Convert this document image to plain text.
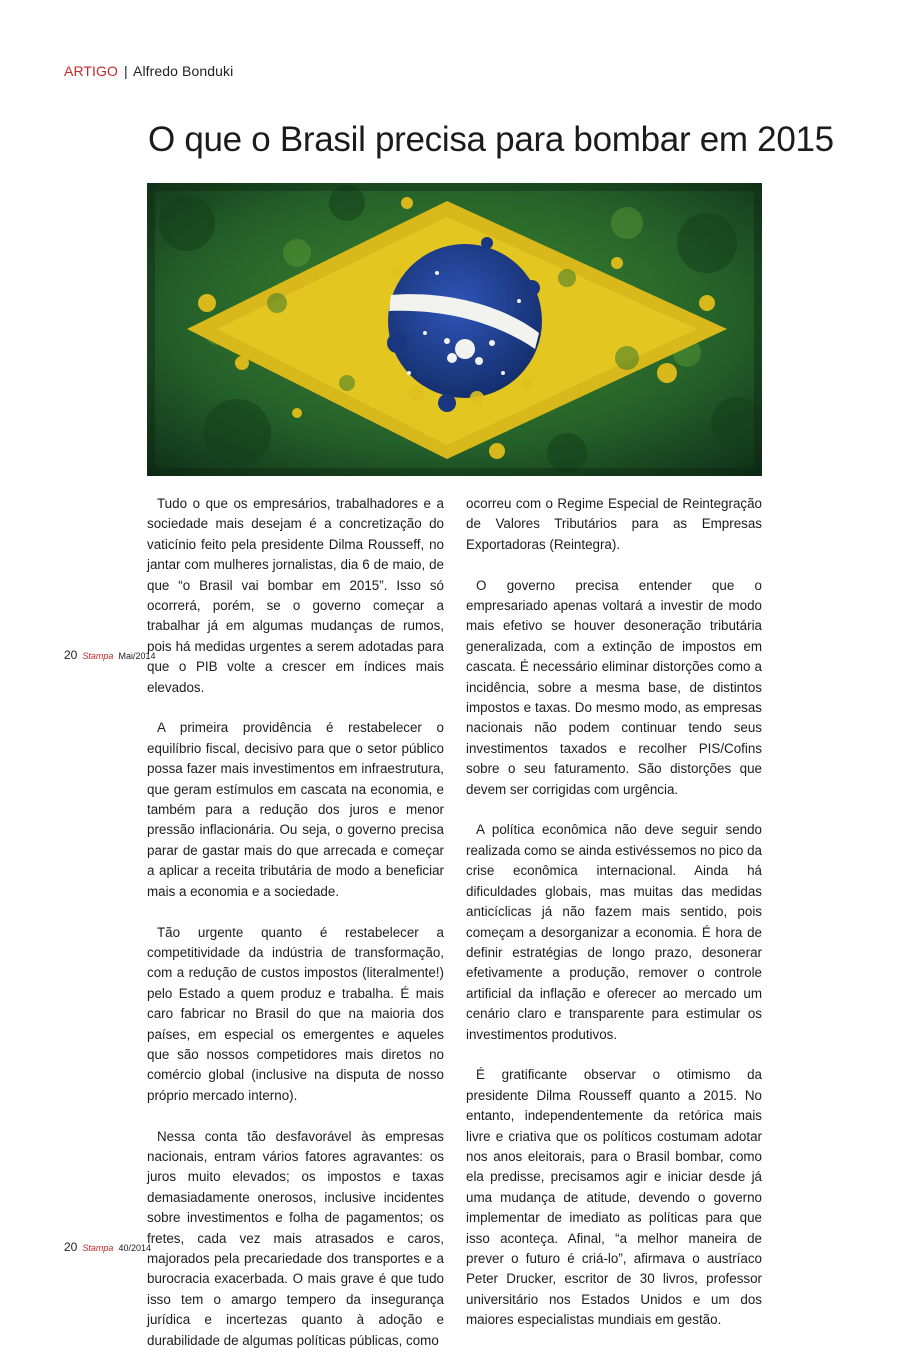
ARTIGO | Alfredo Bonduki
O que o Brasil precisa para bombar em 2015
20 Stampa Mai/2014

Tudo o que os empresários, trabalhadores e a sociedade mais desejam é a concretização do vaticínio feito pela presidente Dilma Rousseff, no jantar com mulheres jornalistas, dia 6 de maio, de que “o Brasil vai bombar em 2015”. Isso só ocorrerá, porém, se o governo começar a trabalhar já em algumas mudanças de rumos, pois há medidas urgentes a serem adotadas para que o PIB volte a crescer em índices mais elevados.

A primeira providência é restabelecer o equilíbrio fiscal, decisivo para que o setor público possa fazer mais investimentos em infraestrutura, que geram estímulos em cascata na economia, e também para a redução dos juros e menor pressão inflacionária. Ou seja, o governo precisa parar de gastar mais do que arrecada e começar a aplicar a receita tributária de modo a beneficiar mais a economia e a sociedade.

Tão urgente quanto é restabelecer a competitividade da indústria de transformação, com a redução de custos impostos (literalmente!) pelo Estado a quem produz e trabalha. É mais caro fabricar no Brasil do que na maioria dos países, em especial os emergentes e aqueles que são nossos competidores mais diretos no comércio global (inclusive na disputa de nosso próprio mercado interno).

Nessa conta tão desfavorável às empresas nacionais, entram vários fatores agravantes: os juros muito elevados; os impostos e taxas demasiadamente onerosos, inclusive incidentes sobre investimentos e folha de pagamentos; os fretes, cada vez mais atrasados e caros, majorados pela precariedade dos transportes e a burocracia exacerbada. O mais grave é que tudo isso tem o amargo tempero da insegurança jurídica e incertezas quanto à adoção e durabilidade de algumas políticas públicas, como

ocorreu com o Regime Especial de Reintegração de Valores Tributários para as Empresas Exportadoras (Reintegra).

O governo precisa entender que o empresariado apenas voltará a investir de modo mais efetivo se houver desoneração tributária generalizada, com a extinção de impostos em cascata. É necessário eliminar distorções como a incidência, sobre a mesma base, de distintos impostos e taxas. Do mesmo modo, as empresas nacionais não podem continuar tendo seus investimentos taxados e recolher PIS/Cofins sobre o seu faturamento. São distorções que devem ser corrigidas com urgência.

A política econômica não deve seguir sendo realizada como se ainda estivéssemos no pico da crise econômica internacional. Ainda há dificuldades globais, mas muitas das medidas anticíclicas já não fazem mais sentido, pois começam a desorganizar a economia. É hora de definir estratégias de longo prazo, desonerar efetivamente a produção, remover o controle artificial da inflação e oferecer ao mercado um cenário claro e transparente para estimular os investimentos produtivos.

É gratificante observar o otimismo da presidente Dilma Rousseff quanto a 2015. No entanto, independentemente da retórica mais livre e criativa que os políticos costumam adotar nos anos eleitorais, para o Brasil bombar, como ela predisse, precisamos agir e iniciar desde já uma mudança de atitude, devendo o governo implementar de imediato as políticas para que isso aconteça. Afinal, “a melhor maneira de prever o futuro é criá-lo”, afirmava o austríaco Peter Drucker, escritor de 30 livros, professor universitário nos Estados Unidos e um dos maiores especialistas mundiais em gestão.

20 Stampa 40/2014
